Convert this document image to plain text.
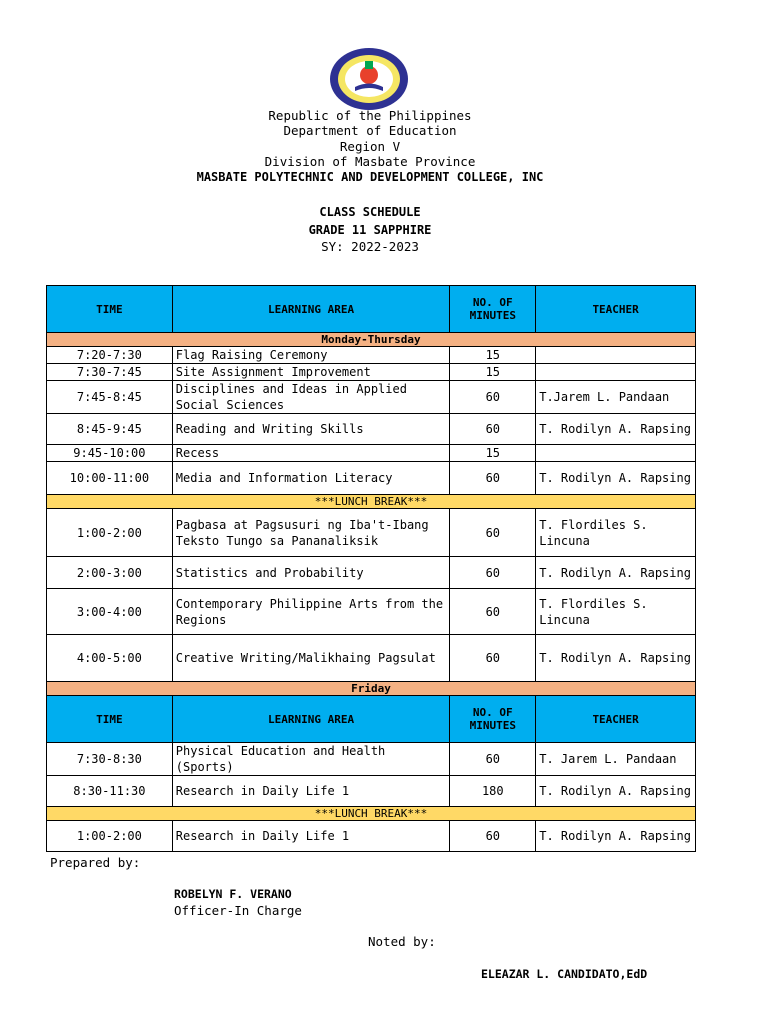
Republic of the Philippines
Department of Education
Region V
Division of Masbate Province
MASBATE POLYTECHNIC AND DEVELOPMENT COLLEGE, INC
CLASS SCHEDULE
GRADE 11 SAPPHIRE
SY: 2022-2023
TIME	LEARNING AREA	NO. OF MINUTES	TEACHER
Monday-Thursday			
7:20-7:30	Flag Raising Ceremony	15	
7:30-7:45	Site Assignment Improvement	15	
7:45-8:45	Disciplines and Ideas in Applied Social Sciences	60	T.Jarem L. Pandaan
8:45-9:45	Reading and Writing Skills	60	T. Rodilyn A. Rapsing
9:45-10:00	Recess	15	
10:00-11:00	Media and Information Literacy	60	T. Rodilyn A. Rapsing
***LUNCH BREAK***			
1:00-2:00	Pagbasa at Pagsusuri ng Iba't-Ibang Teksto Tungo sa Pananaliksik	60	T. Flordiles S. Lincuna
2:00-3:00	Statistics and Probability	60	T. Rodilyn A. Rapsing
3:00-4:00	Contemporary Philippine Arts from the Regions	60	T. Flordiles S. Lincuna
4:00-5:00	Creative Writing/Malikhaing Pagsulat	60	T. Rodilyn A. Rapsing
Friday			
TIME	LEARNING AREA	NO. OF MINUTES	TEACHER
7:30-8:30	Physical Education and Health (Sports)	60	T. Jarem L. Pandaan
8:30-11:30	Research in Daily Life 1	180	T. Rodilyn A. Rapsing
***LUNCH BREAK***			
1:00-2:00	Research in Daily Life 1	60	T. Rodilyn A. Rapsing
Prepared by:
ROBELYN F. VERANO
Officer-In Charge
Noted by:
ELEAZAR L. CANDIDATO,EdD
